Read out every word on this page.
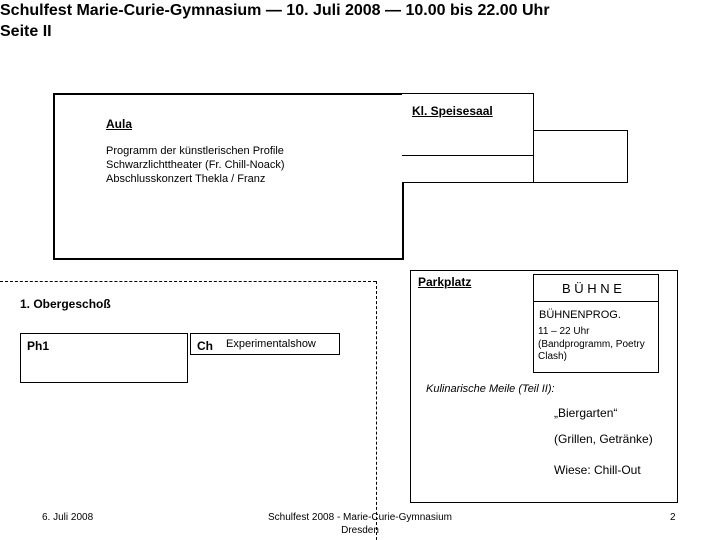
Schulfest Marie-Curie-Gymnasium — 10. Juli 2008 — 10.00 bis 22.00 Uhr
Seite II
Aula
Programm der künstlerischen Profile
Schwarzlichttheater (Fr. Chill-Noack)
Abschlusskonzert Thekla / Franz
Kl. Speisesaal
1. Obergeschoß
Ph1	Ch Experimentalshow
Parkplatz	B Ü H N E
BÜHNENPROG.
11 – 22 Uhr
(Bandprogramm, Poetry
Clash)
Kulinarische Meile (Teil II):
„Biergarten“
(Grillen, Getränke)
Wiese: Chill-Out
6. Juli 2008	Schulfest 2008 - Marie-Curie-Gymnasium
Dresden
2
